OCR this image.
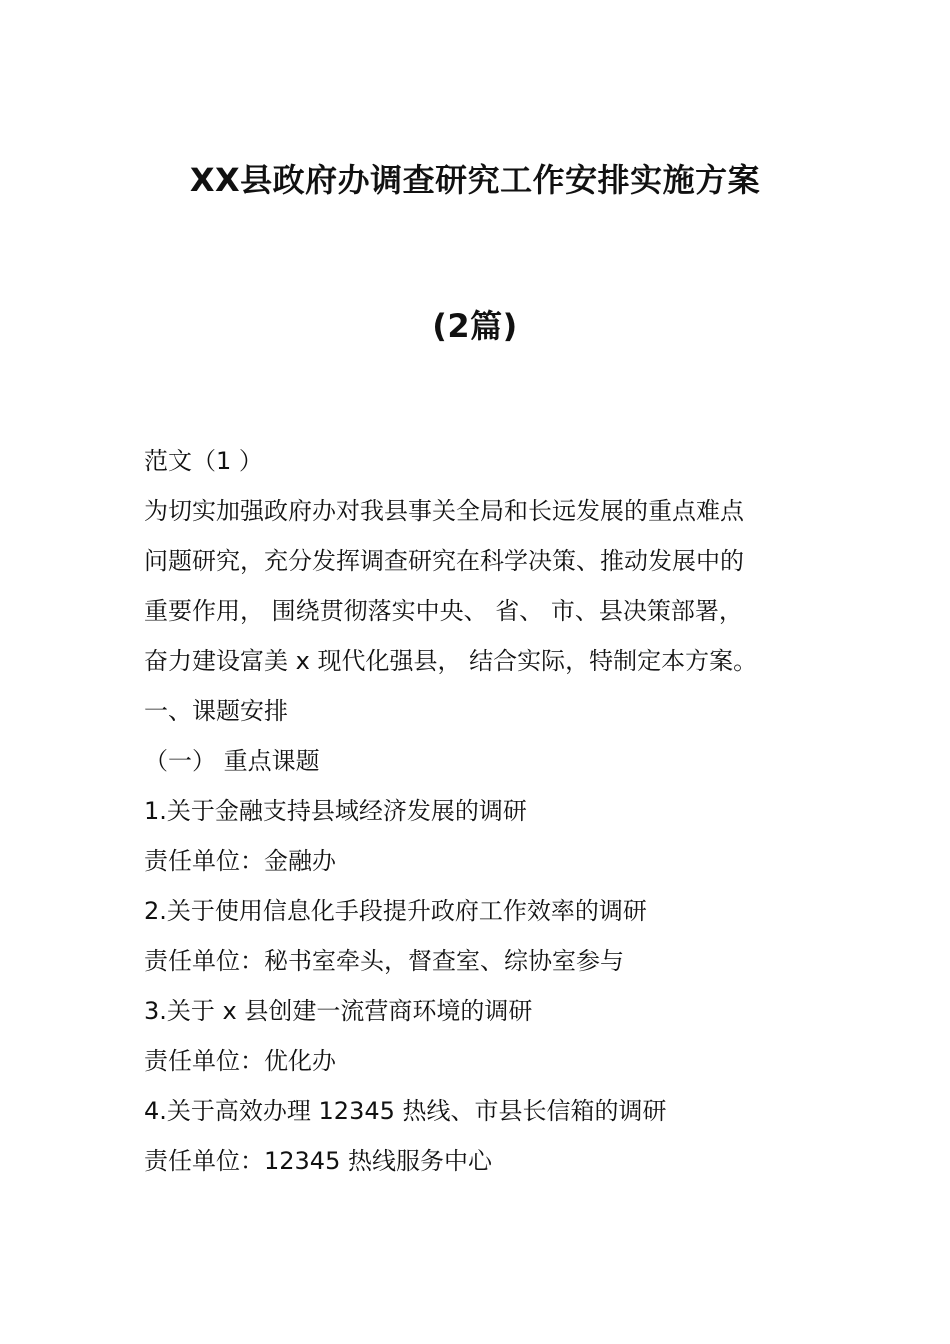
XX县政府办调查研究工作安排实施方案
(2篇)
范文（1 ）
为切实加强政府办对我县事关全局和长远发展的重点难点
问题研究，充分发挥调查研究在科学决策、推动发展中的
重要作用， 围绕贯彻落实中央、 省、 市、县决策部署，
奋力建设富美 x 现代化强县， 结合实际，特制定本方案。
一、课题安排
（一） 重点课题
1.关于金融支持县域经济发展的调研
责任单位：金融办
2.关于使用信息化手段提升政府工作效率的调研
责任单位：秘书室牵头，督查室、综协室参与
3.关于 x 县创建一流营商环境的调研
责任单位：优化办
4.关于高效办理 12345 热线、市县长信箱的调研
责任单位：12345 热线服务中心
